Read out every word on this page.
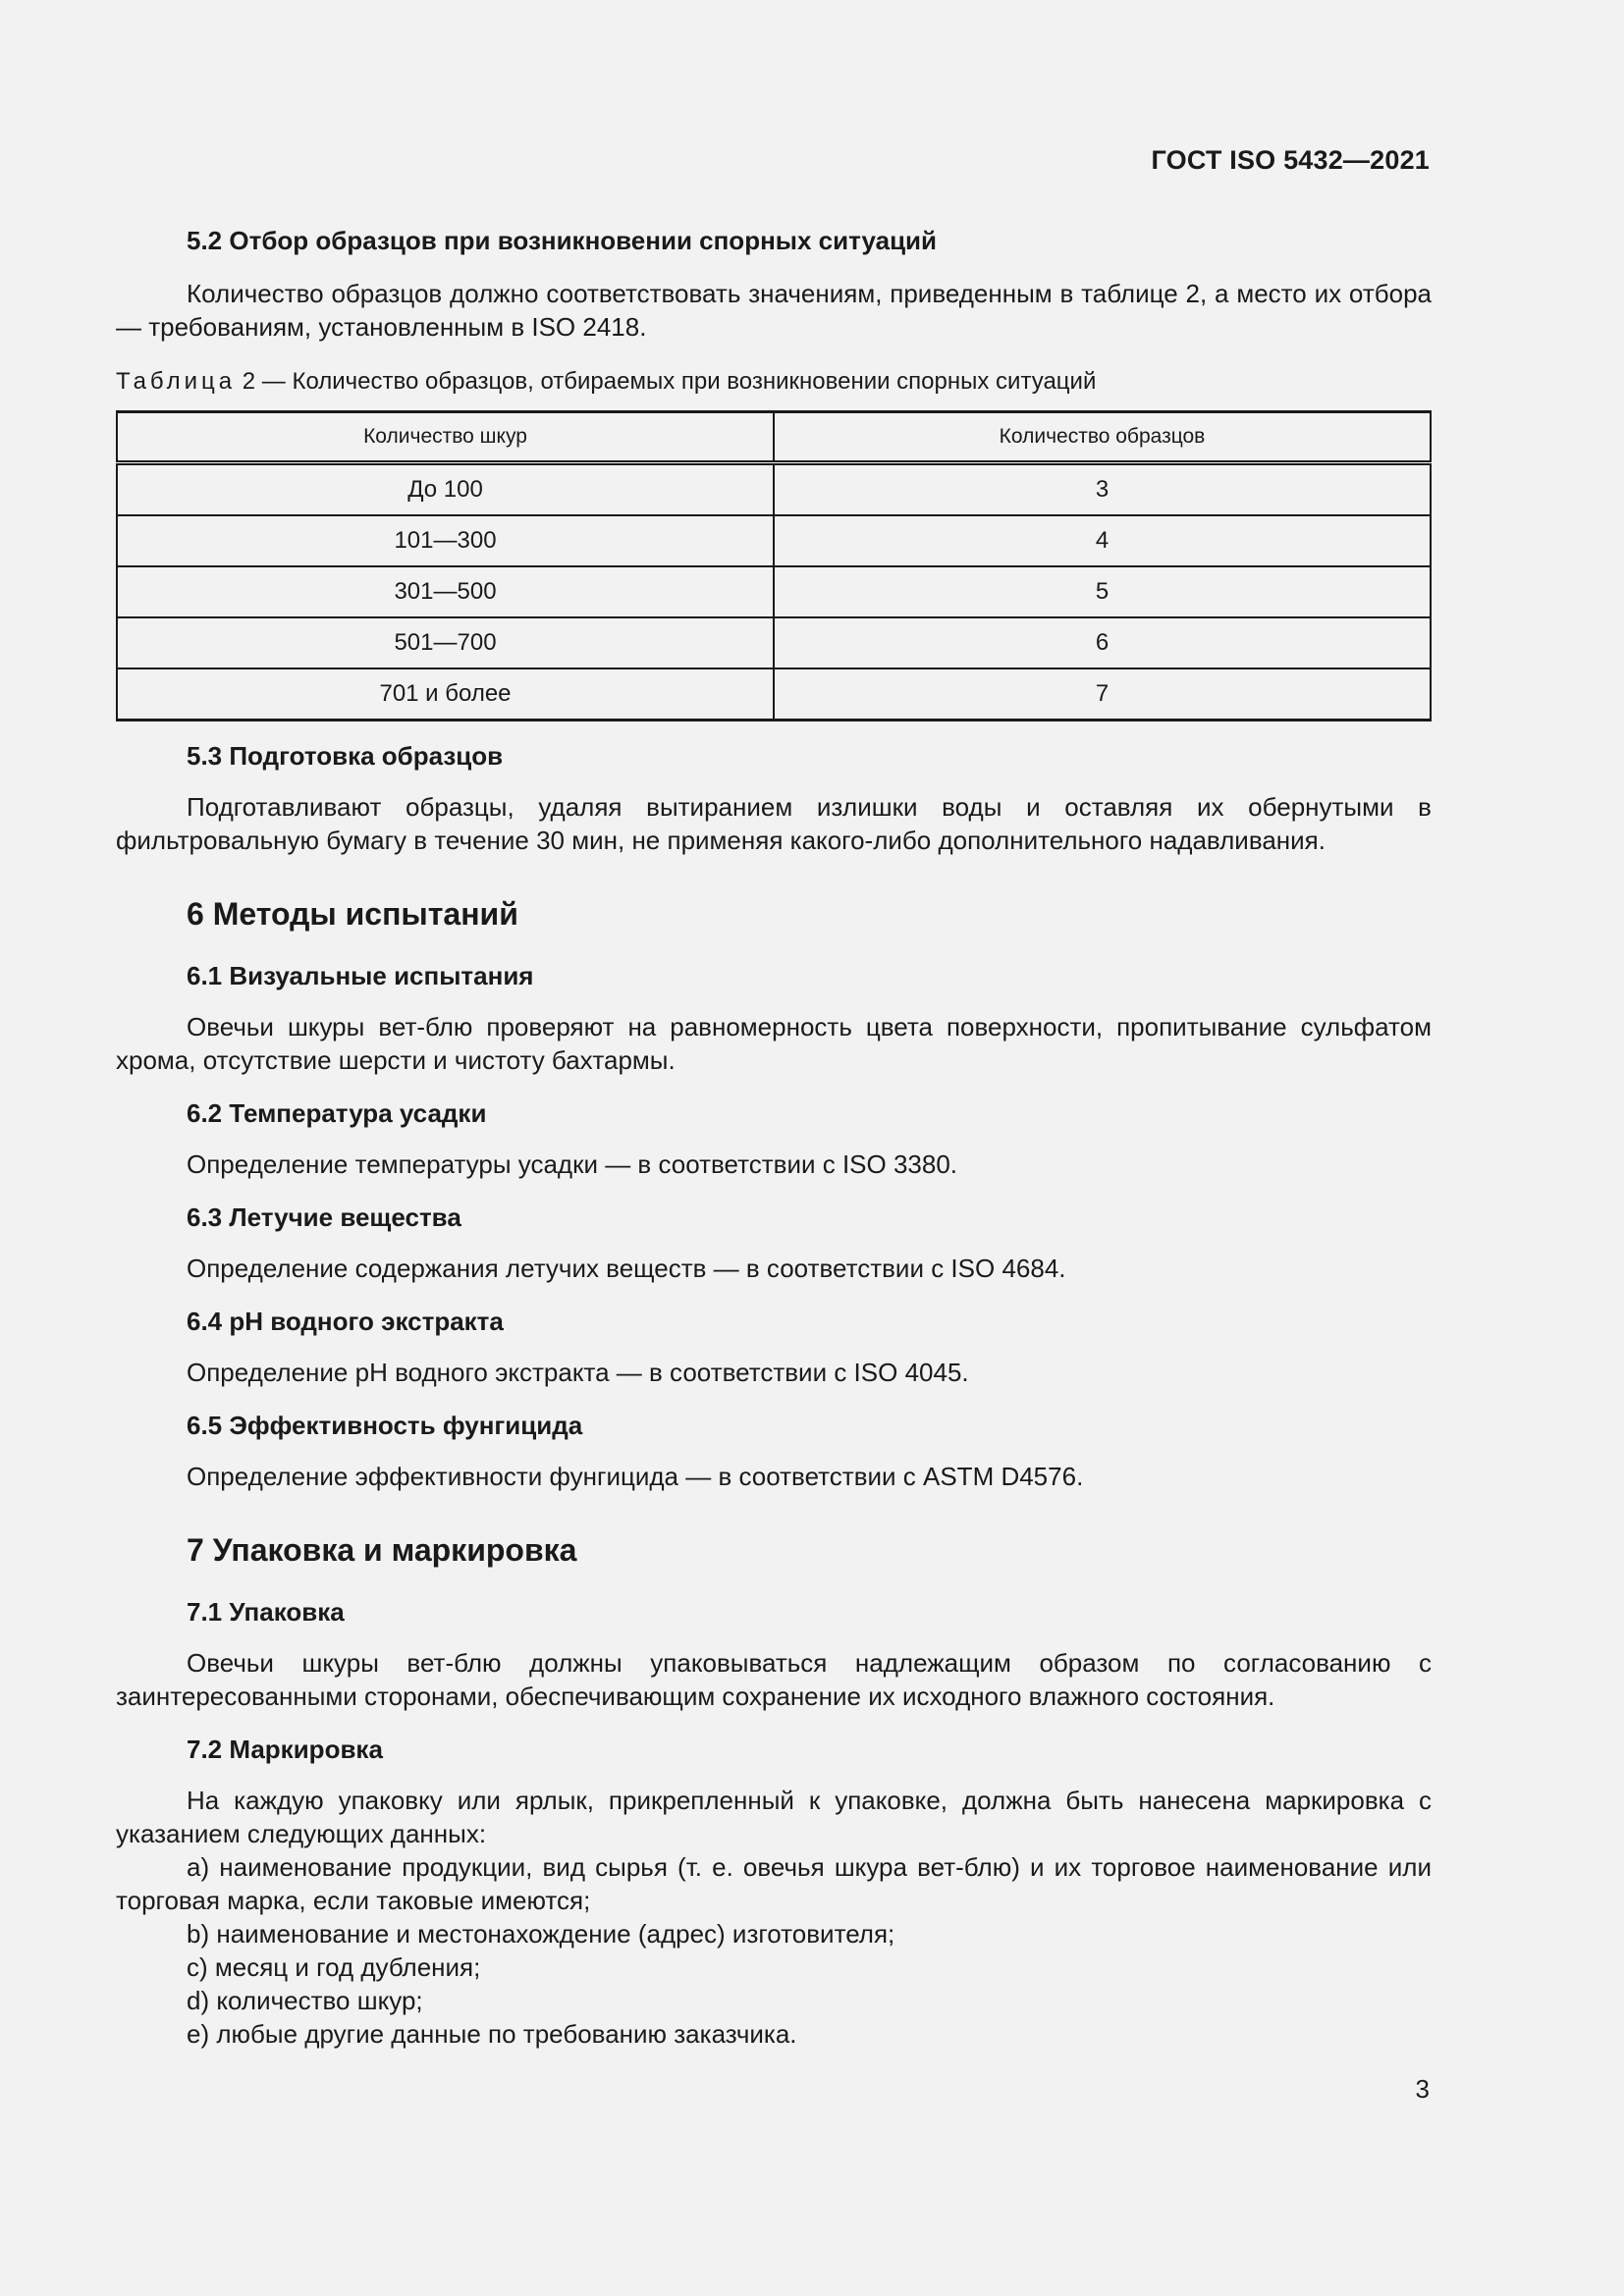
ГОСТ ISO 5432—2021

5.2 Отбор образцов при возникновении спорных ситуаций

Количество образцов должно соответствовать значениям, приведенным в таблице 2, а место их отбора — требованиям, установленным в ISO 2418.

Таблица 2 — Количество образцов, отбираемых при возникновении спорных ситуаций

Количество шкур	Количество образцов
До 100	3
101—300	4
301—500	5
501—700	6
701 и более	7

5.3 Подготовка образцов

Подготавливают образцы, удаляя вытиранием излишки воды и оставляя их обернутыми в фильтровальную бумагу в течение 30 мин, не применяя какого-либо дополнительного надавливания.

6 Методы испытаний

6.1 Визуальные испытания

Овечьи шкуры вет-блю проверяют на равномерность цвета поверхности, пропитывание сульфатом хрома, отсутствие шерсти и чистоту бахтармы.

6.2 Температура усадки

Определение температуры усадки — в соответствии с ISO 3380.

6.3 Летучие вещества

Определение содержания летучих веществ — в соответствии с ISO 4684.

6.4 pH водного экстракта

Определение pH водного экстракта — в соответствии с ISO 4045.

6.5 Эффективность фунгицида

Определение эффективности фунгицида — в соответствии с ASTM D4576.

7 Упаковка и маркировка

7.1 Упаковка

Овечьи шкуры вет-блю должны упаковываться надлежащим образом по согласованию с заинтересованными сторонами, обеспечивающим сохранение их исходного влажного состояния.

7.2 Маркировка

На каждую упаковку или ярлык, прикрепленный к упаковке, должна быть нанесена маркировка с указанием следующих данных:

a) наименование продукции, вид сырья (т. е. овечья шкура вет-блю) и их торговое наименование или торговая марка, если таковые имеются;

b) наименование и местонахождение (адрес) изготовителя;

c) месяц и год дубления;

d) количество шкур;

e) любые другие данные по требованию заказчика.

3
